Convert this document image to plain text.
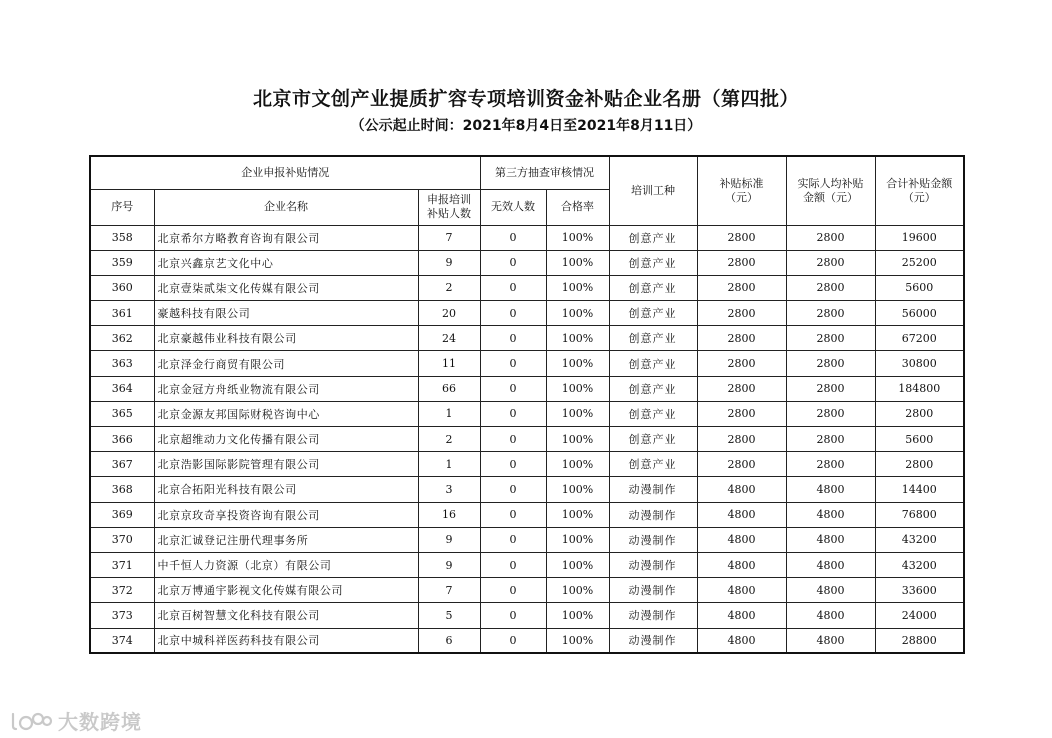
北京市文创产业提质扩容专项培训资金补贴企业名册（第四批）
（公示起止时间：2021年8月4日至2021年8月11日）
企业申报补贴情况			第三方抽查审核情况		培训工种	补贴标准（元）	实际人均补贴金额（元）	合计补贴金额（元）
序号	企业名称	申报培训补贴人数	无效人数	合格率				
358	北京希尔方略教育咨询有限公司	7	0	100%	创意产业	2800	2800	19600
359	北京兴鑫京艺文化中心	9	0	100%	创意产业	2800	2800	25200
360	北京壹柒贰柒文化传媒有限公司	2	0	100%	创意产业	2800	2800	5600
361	豪越科技有限公司	20	0	100%	创意产业	2800	2800	56000
362	北京豪越伟业科技有限公司	24	0	100%	创意产业	2800	2800	67200
363	北京泽金行商贸有限公司	11	0	100%	创意产业	2800	2800	30800
364	北京金冠方舟纸业物流有限公司	66	0	100%	创意产业	2800	2800	184800
365	北京金源友邦国际财税咨询中心	1	0	100%	创意产业	2800	2800	2800
366	北京超维动力文化传播有限公司	2	0	100%	创意产业	2800	2800	5600
367	北京浩影国际影院管理有限公司	1	0	100%	创意产业	2800	2800	2800
368	北京合拓阳光科技有限公司	3	0	100%	动漫制作	4800	4800	14400
369	北京京玫奇享投资咨询有限公司	16	0	100%	动漫制作	4800	4800	76800
370	北京汇诚登记注册代理事务所	9	0	100%	动漫制作	4800	4800	43200
371	中千恒人力资源（北京）有限公司	9	0	100%	动漫制作	4800	4800	43200
372	北京万博通宇影视文化传媒有限公司	7	0	100%	动漫制作	4800	4800	33600
373	北京百树智慧文化科技有限公司	5	0	100%	动漫制作	4800	4800	24000
374	北京中城科祥医药科技有限公司	6	0	100%	动漫制作	4800	4800	28800
大数跨境
